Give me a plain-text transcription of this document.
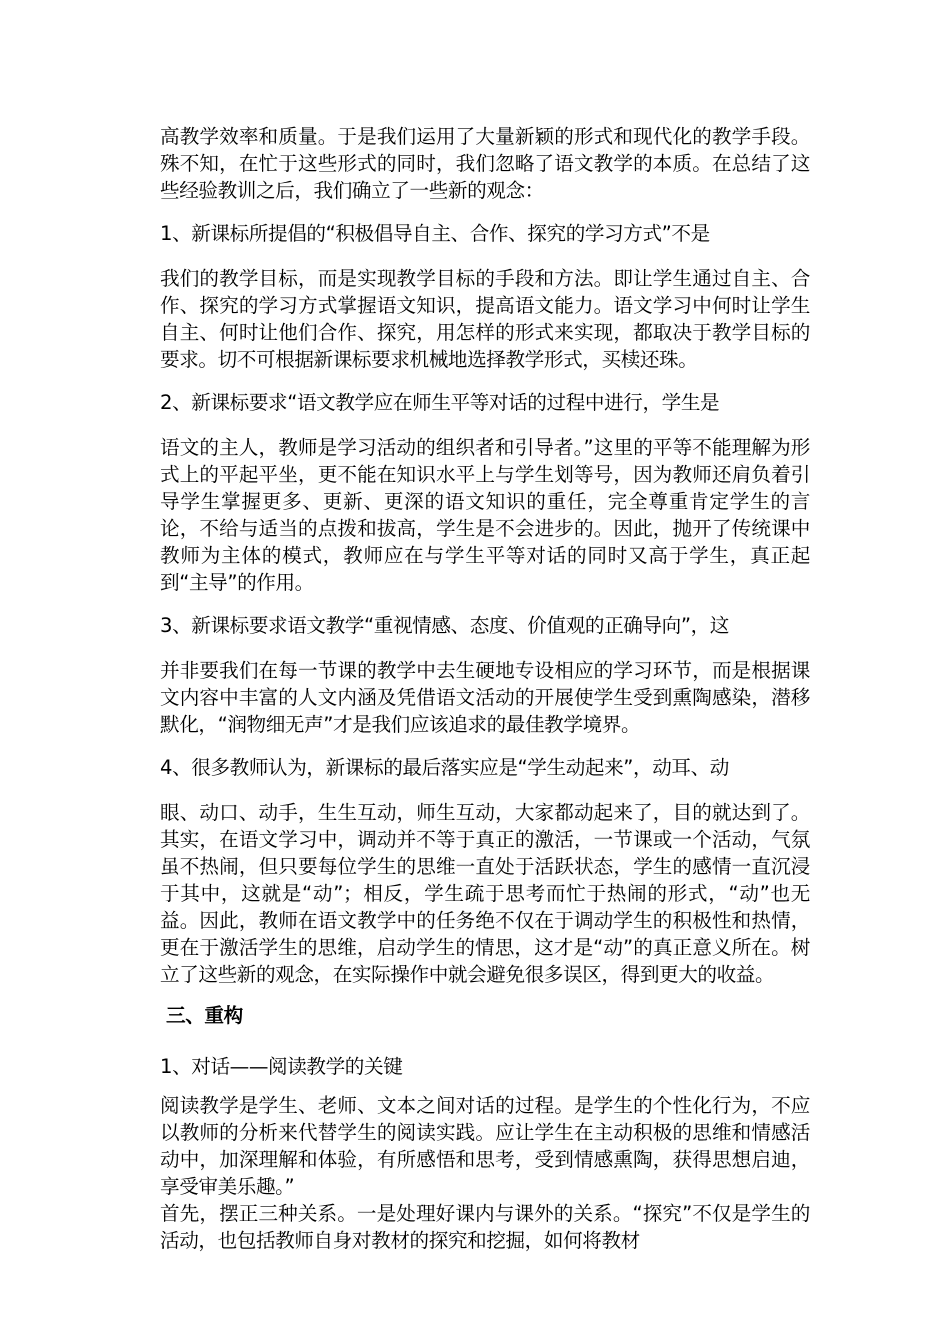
高教学效率和质量。于是我们运用了大量新颖的形式和现代化的教学手段。殊不知，在忙于这些形式的同时，我们忽略了语文教学的本质。在总结了这些经验教训之后，我们确立了一些新的观念：

1、新课标所提倡的“积极倡导自主、合作、探究的学习方式”不是

我们的教学目标，而是实现教学目标的手段和方法。即让学生通过自主、合作、探究的学习方式掌握语文知识，提高语文能力。语文学习中何时让学生自主、何时让他们合作、探究，用怎样的形式来实现，都取决于教学目标的要求。切不可根据新课标要求机械地选择教学形式，买椟还珠。

2、新课标要求“语文教学应在师生平等对话的过程中进行，学生是

语文的主人，教师是学习活动的组织者和引导者。”这里的平等不能理解为形式上的平起平坐，更不能在知识水平上与学生划等号，因为教师还肩负着引导学生掌握更多、更新、更深的语文知识的重任，完全尊重肯定学生的言论，不给与适当的点拨和拔高，学生是不会进步的。因此，抛开了传统课中教师为主体的模式，教师应在与学生平等对话的同时又高于学生，真正起到“主导”的作用。

3、新课标要求语文教学“重视情感、态度、价值观的正确导向”，这

并非要我们在每一节课的教学中去生硬地专设相应的学习环节，而是根据课文内容中丰富的人文内涵及凭借语文活动的开展使学生受到熏陶感染，潜移默化，“润物细无声”才是我们应该追求的最佳教学境界。

4、很多教师认为，新课标的最后落实应是“学生动起来”，动耳、动

眼、动口、动手，生生互动，师生互动，大家都动起来了，目的就达到了。其实，在语文学习中，调动并不等于真正的激活，一节课或一个活动，气氛虽不热闹，但只要每位学生的思维一直处于活跃状态，学生的感情一直沉浸于其中，这就是“动”；相反，学生疏于思考而忙于热闹的形式，“动”也无益。因此，教师在语文教学中的任务绝不仅在于调动学生的积极性和热情，更在于激活学生的思维，启动学生的情思，这才是“动”的真正意义所在。树立了这些新的观念，在实际操作中就会避免很多误区，得到更大的收益。

三、重构

1、对话——阅读教学的关键

阅读教学是学生、老师、文本之间对话的过程。是学生的个性化行为，不应以教师的分析来代替学生的阅读实践。应让学生在主动积极的思维和情感活动中，加深理解和体验，有所感悟和思考，受到情感熏陶，获得思想启迪，享受审美乐趣。”

首先，摆正三种关系。一是处理好课内与课外的关系。“探究”不仅是学生的活动，也包括教师自身对教材的探究和挖掘，如何将教材
